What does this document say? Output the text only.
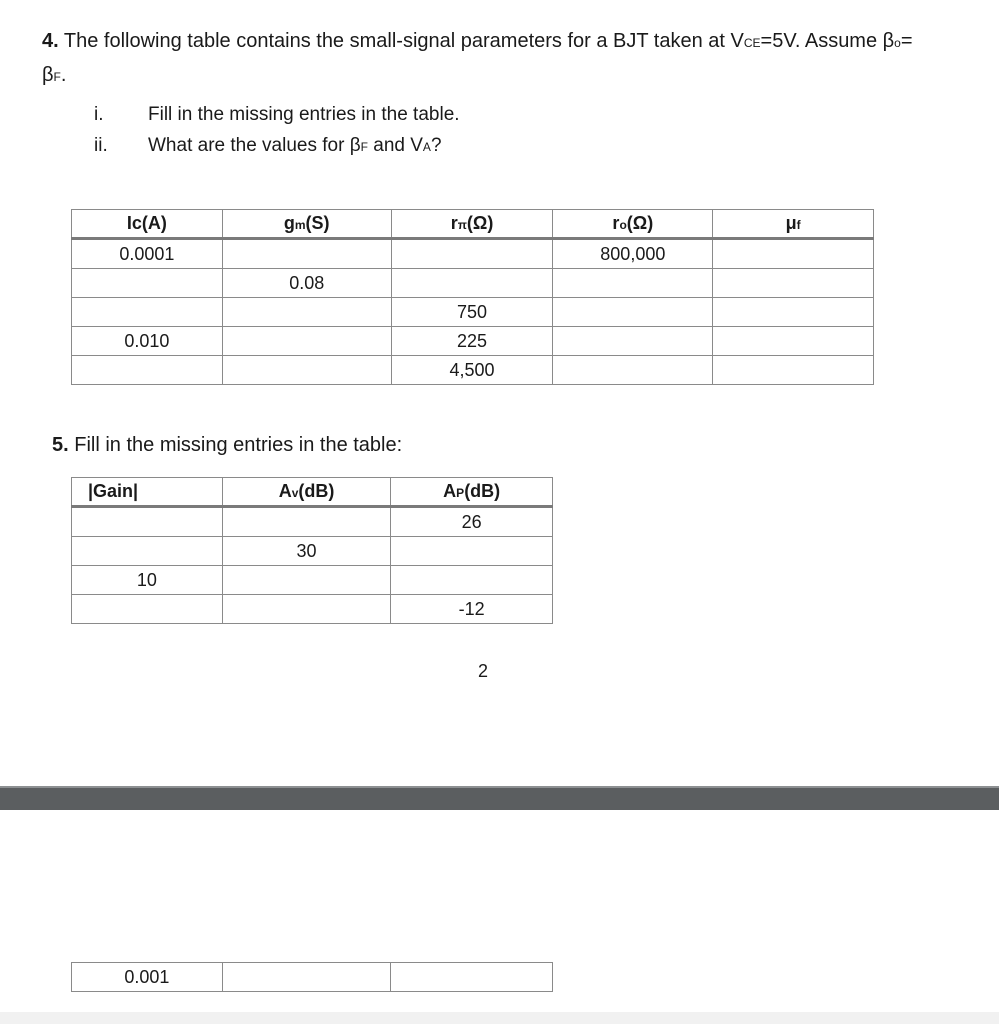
4. The following table contains the small-signal parameters for a BJT taken at VCE=5V. Assume βo=
βF.
i. Fill in the missing entries in the table.
ii. What are the values for βF and VA?
Ic(A)	gm(S)	rπ(Ω)	ro(Ω)	μf
0.0001			800,000	
	0.08			
		750		
0.010		225		
		4,500		
5. Fill in the missing entries in the table:
|Gain|	Av(dB)	AP(dB)
		26
	30	
10		
		-12
2
0.001		
